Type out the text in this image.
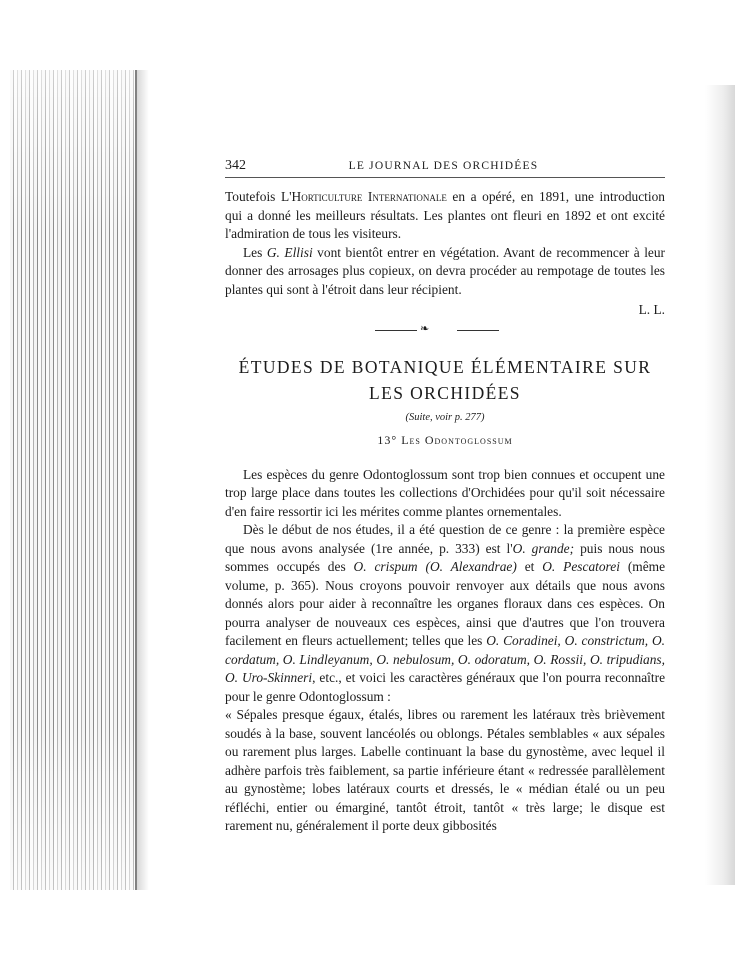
342	LE JOURNAL DES ORCHIDÉES

Toutefois L'Horticulture Internationale en a opéré, en 1891, une introduction qui a donné les meilleurs résultats. Les plantes ont fleuri en 1892 et ont excité l'admiration de tous les visiteurs.

Les G. Ellisi vont bientôt entrer en végétation. Avant de recommencer à leur donner des arrosages plus copieux, on devra procéder au rempotage de toutes les plantes qui sont à l'étroit dans leur récipient.

L. L.
❧
ÉTUDES DE BOTANIQUE ÉLÉMENTAIRE SUR
LES ORCHIDÉES
(Suite, voir p. 277)
13° Les Odontoglossum

Les espèces du genre Odontoglossum sont trop bien connues et occupent une trop large place dans toutes les collections d'Orchidées pour qu'il soit nécessaire d'en faire ressortir ici les mérites comme plantes ornementales.

Dès le début de nos études, il a été question de ce genre : la première espèce que nous avons analysée (1re année, p. 333) est l'O. grande; puis nous nous sommes occupés des O. crispum (O. Alexandrae) et O. Pescatorei (même volume, p. 365). Nous croyons pouvoir renvoyer aux détails que nous avons donnés alors pour aider à reconnaître les organes floraux dans ces espèces. On pourra analyser de nouveaux ces espèces, ainsi que d'autres que l'on trouvera facilement en fleurs actuellement; telles que les O. Coradinei, O. constrictum, O. cordatum, O. Lindleyanum, O. nebulosum, O. odoratum, O. Rossii, O. tripudians, O. Uro-Skinneri, etc., et voici les caractères généraux que l'on pourra reconnaître pour le genre Odontoglossum :

« Sépales presque égaux, étalés, libres ou rarement les latéraux très brièvement soudés à la base, souvent lancéolés ou oblongs. Pétales semblables « aux sépales ou rarement plus larges. Labelle continuant la base du gynostème, avec lequel il adhère parfois très faiblement, sa partie inférieure étant « redressée parallèlement au gynostème; lobes latéraux courts et dressés, le « médian étalé ou un peu réfléchi, entier ou émarginé, tantôt étroit, tantôt « très large; le disque est rarement nu, généralement il porte deux gibbosités
